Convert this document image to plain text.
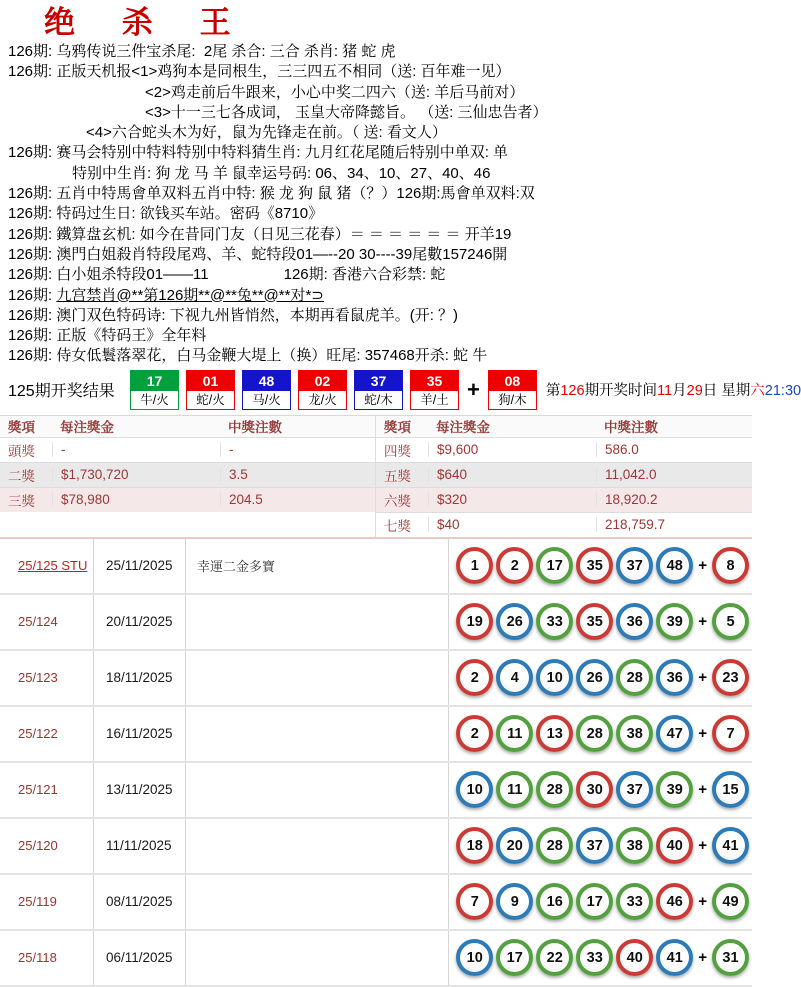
绝 杀 王
126期: 乌鸦传说三件宝杀尾:  2尾 杀合: 三合 杀肖: 猪 蛇 虎
126期: 正版天机报<1>鸡狗本是同根生，三三四五不相同（送: 百年难一见）
<2>鸡走前后牛跟来，小心中奖二四六（送: 羊后马前对）
<3>十一三七各成词， 玉皇大帝降懿旨。 （送: 三仙忠告者）
<4>六合蛇头木为好，鼠为先锋走在前。（ 送: 看文人）
126期: 赛马会特别中特料特别中特料猜生肖: 九月红花尾随后特别中单双: 单
特别中生肖: 狗 龙 马 羊 鼠幸运号码: 06、34、10、27、40、46
126期: 五肖中特馬會单双料五肖中特: 猴 龙 狗 鼠 猪（？）126期:馬會单双料:双
126期: 特码过生日: 欲钱买车站。密码《8710》
126期: 鐵算盘玄机: 如今在昔同门友（日见三花春）＝ ＝ ＝ ＝ ＝ ＝ 开羊19
126期: 澳門白姐殺肖特段尾鸡、羊、蛇特段01—--20 30----39尾數157246開
126期: 白小姐杀特段01——11　　　　　126期: 香港六合彩禁: 蛇
126期: 九宫禁肖@**第126期**@**兔**@**对*⊃
126期: 澳门双色特码诗: 下视九州皆悄然，本期再看鼠虎羊。(开: ？)
126期: 正版《特码王》全年料
126期: 侍女低鬟落翠花，白马金鞭大堤上（换）旺尾: 357468开杀: 蛇 牛
125期开奖结果
17
牛/火
01
蛇/火
48
马/火
02
龙/火
37
蛇/木
35
羊/土 +	08
狗/木
第126期开奖时间11月29日 星期六21:30
獎項	每注獎金	中獎注數
頭獎	-	-
二獎	$1,730,720	3.5
三獎	$78,980	204.5
獎項	每注獎金	中獎注數
四獎	$9,600	586.0
五獎	$640	11,042.0
六獎	$320	18,920.2
七獎	$40	218,759.7
25/125 STU	25/11/2025	幸運二金多寶	1	2	17	35	37	48	+	8
25/124	20/11/2025	19	26	33	35	36	39	+	5
25/123	18/11/2025	2	4	10	26	28	36	+	23
25/122	16/11/2025	2	11	13	28	38	47	+	7
25/121	13/11/2025	10	11	28	30	37	39	+	15
25/120	11/11/2025	18	20	28	37	38	40	+	41
25/119	08/11/2025	7	9	16	17	33	46	+	49
25/118	06/11/2025	10	17	22	33	40	41	+	31
